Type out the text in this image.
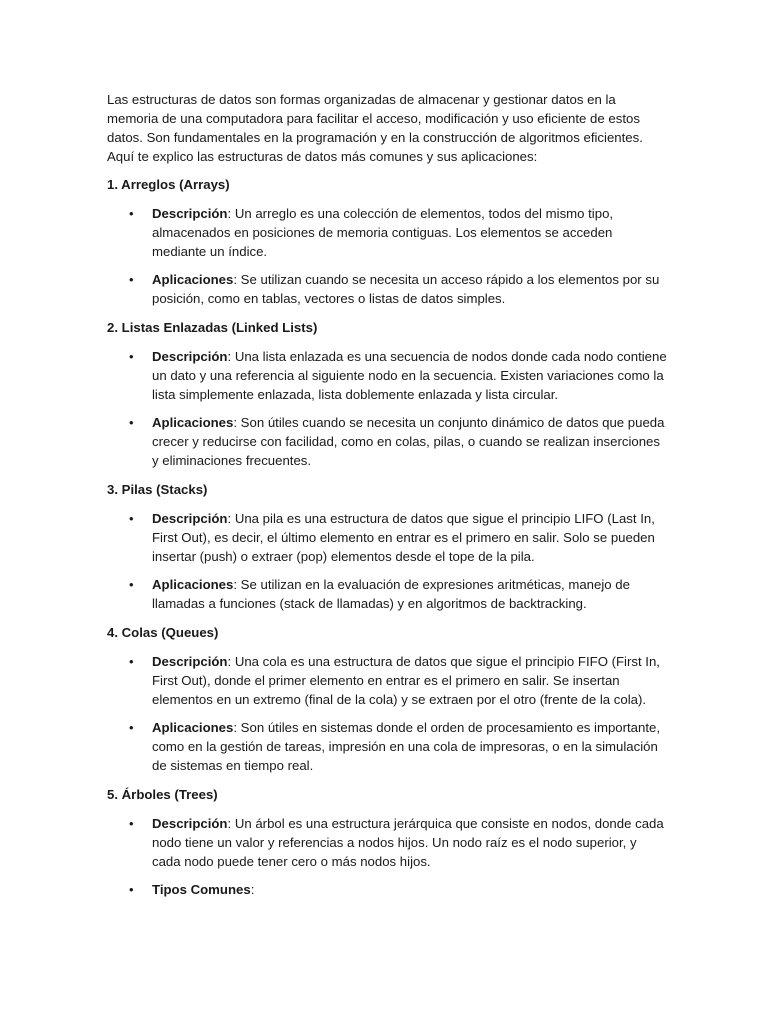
Las estructuras de datos son formas organizadas de almacenar y gestionar datos en la memoria de una computadora para facilitar el acceso, modificación y uso eficiente de estos datos. Son fundamentales en la programación y en la construcción de algoritmos eficientes. Aquí te explico las estructuras de datos más comunes y sus aplicaciones:

1. Arreglos (Arrays)
• Descripción: Un arreglo es una colección de elementos, todos del mismo tipo, almacenados en posiciones de memoria contiguas. Los elementos se acceden mediante un índice.
• Aplicaciones: Se utilizan cuando se necesita un acceso rápido a los elementos por su posición, como en tablas, vectores o listas de datos simples.
2. Listas Enlazadas (Linked Lists)
• Descripción: Una lista enlazada es una secuencia de nodos donde cada nodo contiene un dato y una referencia al siguiente nodo en la secuencia. Existen variaciones como la lista simplemente enlazada, lista doblemente enlazada y lista circular.
• Aplicaciones: Son útiles cuando se necesita un conjunto dinámico de datos que pueda crecer y reducirse con facilidad, como en colas, pilas, o cuando se realizan inserciones y eliminaciones frecuentes.
3. Pilas (Stacks)
• Descripción: Una pila es una estructura de datos que sigue el principio LIFO (Last In, First Out), es decir, el último elemento en entrar es el primero en salir. Solo se pueden insertar (push) o extraer (pop) elementos desde el tope de la pila.
• Aplicaciones: Se utilizan en la evaluación de expresiones aritméticas, manejo de llamadas a funciones (stack de llamadas) y en algoritmos de backtracking.
4. Colas (Queues)
• Descripción: Una cola es una estructura de datos que sigue el principio FIFO (First In, First Out), donde el primer elemento en entrar es el primero en salir. Se insertan elementos en un extremo (final de la cola) y se extraen por el otro (frente de la cola).
• Aplicaciones: Son útiles en sistemas donde el orden de procesamiento es importante, como en la gestión de tareas, impresión en una cola de impresoras, o en la simulación de sistemas en tiempo real.
5. Árboles (Trees)
• Descripción: Un árbol es una estructura jerárquica que consiste en nodos, donde cada nodo tiene un valor y referencias a nodos hijos. Un nodo raíz es el nodo superior, y cada nodo puede tener cero o más nodos hijos.
• Tipos Comunes:
